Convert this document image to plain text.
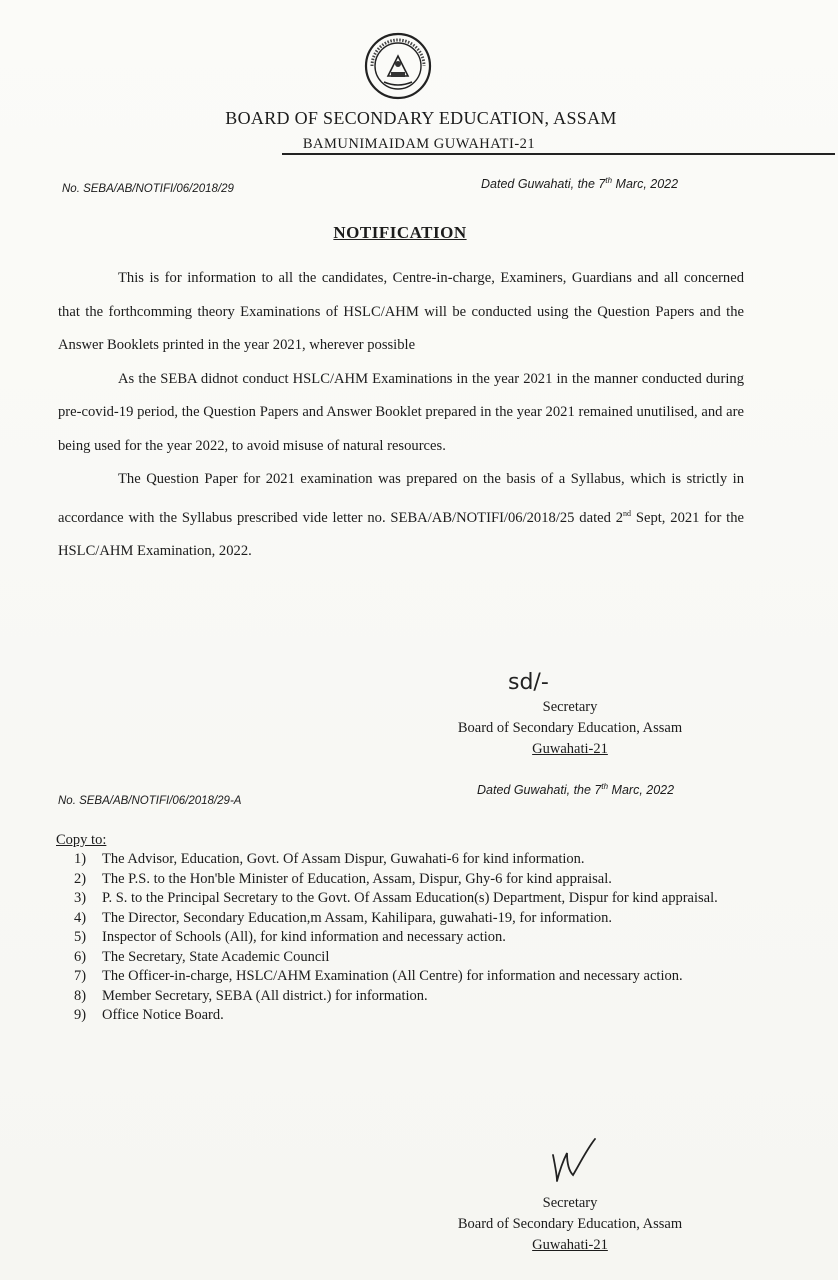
BOARD OF SECONDARY EDUCATION, ASSAM
BAMUNIMAIDAM GUWAHATI-21
No. SEBA/AB/NOTIFI/06/2018/29	Dated Guwahati, the 7th Marc, 2022
NOTIFICATION

This is for information to all the candidates, Centre-in-charge, Examiners, Guardians and all concerned that the forthcomming theory Examinations of HSLC/AHM will be conducted using the Question Papers and the Answer Booklets printed in the year 2021, wherever possible

As the SEBA didnot conduct HSLC/AHM Examinations in the year 2021 in the manner conducted during pre-covid-19 period, the Question Papers and Answer Booklet prepared in the year 2021 remained unutilised, and are being used for the year 2022, to avoid misuse of natural resources.

The Question Paper for 2021 examination was prepared on the basis of a Syllabus, which is strictly in accordance with the Syllabus prescribed vide letter no. SEBA/AB/NOTIFI/06/2018/25 dated 2nd Sept, 2021 for the HSLC/AHM Examination, 2022.

sd/-
Secretary
Board of Secondary Education, Assam
Guwahati-21
No. SEBA/AB/NOTIFI/06/2018/29-A
Dated Guwahati, the 7th Marc, 2022
Copy to:
1) The Advisor, Education, Govt. Of Assam Dispur, Guwahati-6 for kind information.
2) The P.S. to the Hon'ble Minister of Education, Assam, Dispur, Ghy-6 for kind appraisal.
3) P. S. to the Principal Secretary to the Govt. Of Assam Education(s) Department, Dispur for kind appraisal.
4) The Director, Secondary Education,m Assam, Kahilipara, guwahati-19, for information.
5) Inspector of Schools (All), for kind information and necessary action.
6) The Secretary, State Academic Council
7) The Officer-in-charge, HSLC/AHM Examination (All Centre) for information and necessary action.
8) Member Secretary, SEBA (All district.) for information.
9) Office Notice Board.
Secretary
Board of Secondary Education, Assam
Guwahati-21
